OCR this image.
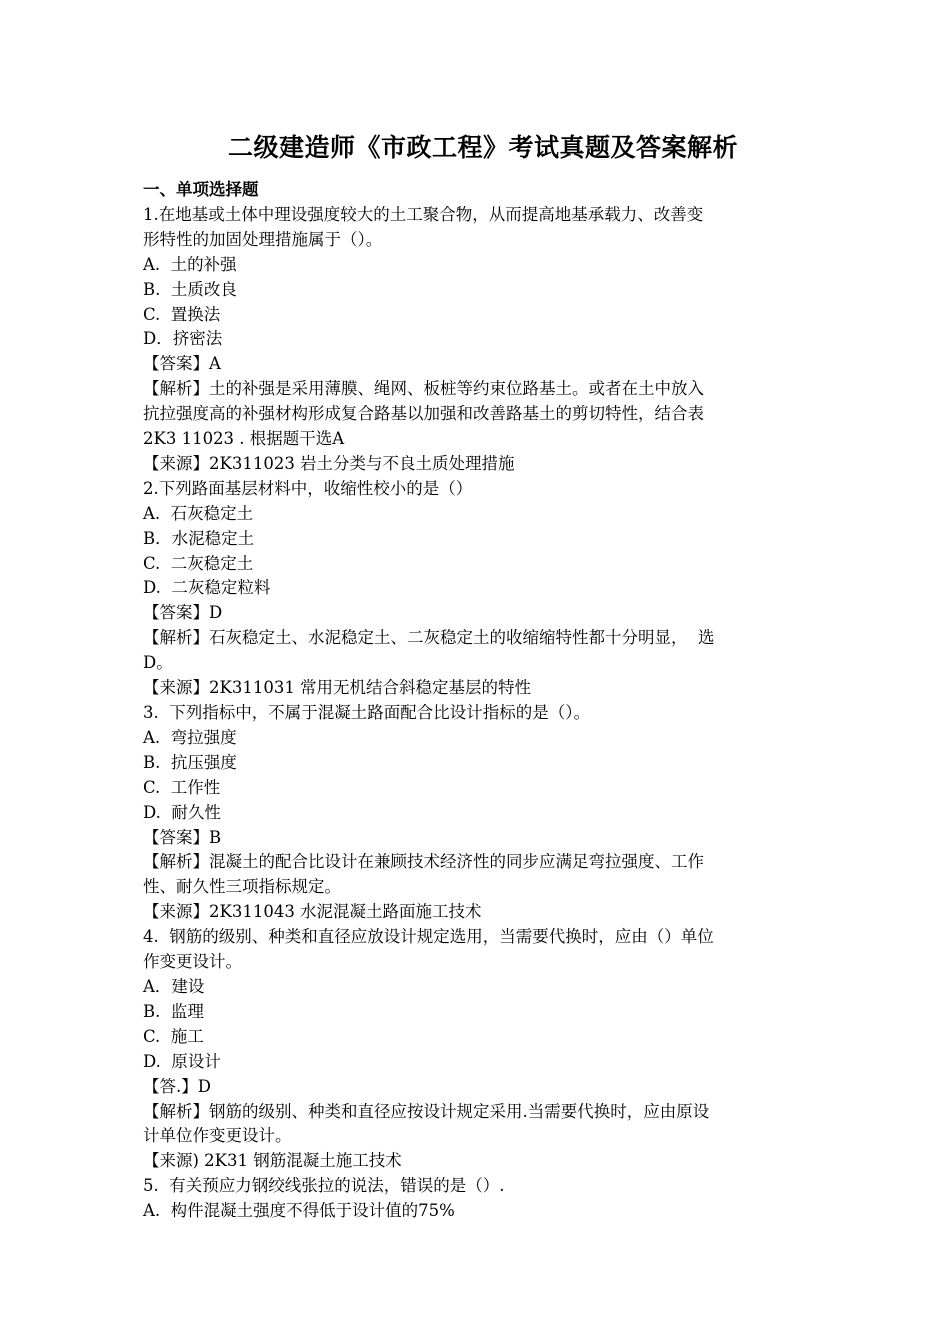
二级建造师《市政工程》考试真题及答案解析
一、单项选择题

1.在地基或土体中理设强度较大的土工聚合物，从而提高地基承载力、改善变

形特性的加固处理措施属于（）。

A.  土的补强

B.  土质改良

C.  置换法

D．挤密法

【答案】A

【解析】土的补强是采用薄膜、绳网、板桩等约束位路基土。或者在土中放入

抗拉强度高的补强材构形成复合路基以加强和改善路基土的剪切特性，结合表

2K3 11023 . 根据题干选A

【来源】2K311023 岩土分类与不良土质处理措施

2.下列路面基层材料中，收缩性校小的是（）

A.  石灰稳定土

B．水泥稳定土

C.  二灰稳定土

D.  二灰稳定粒料

【答案】D

【解析】石灰稳定土、水泥稳定土、二灰稳定土的收缩缩特性都十分明显，  选

D。

【来源】2K311031 常用无机结合斜稳定基层的特性

3.  下列指标中，不属于混凝土路面配合比设计指标的是（）。

A.  弯拉强度

B.  抗压强度

C.  工作性

D.  耐久性

【答案】B

【解析】混凝土的配合比设计在兼顾技术经济性的同步应满足弯拉强度、工作

性、耐久性三项指标规定。

【来源】2K311043 水泥混凝土路面施工技术

4.  钢筋的级别、种类和直径应放设计规定选用，当需要代换时，应由（）单位

作变更设计。

A．建设

B.  监理

C.  施工

D.  原设计

【答.】D

【解析】钢筋的级别、种类和直径应按设计规定采用.当需要代换时，应由原设

计单位作变更设计。

【来源) 2K31 钢筋混凝土施工技术

5.  有关预应力钢绞线张拉的说法，错误的是（）.

A.  构件混凝土强度不得低于设计值的75%
